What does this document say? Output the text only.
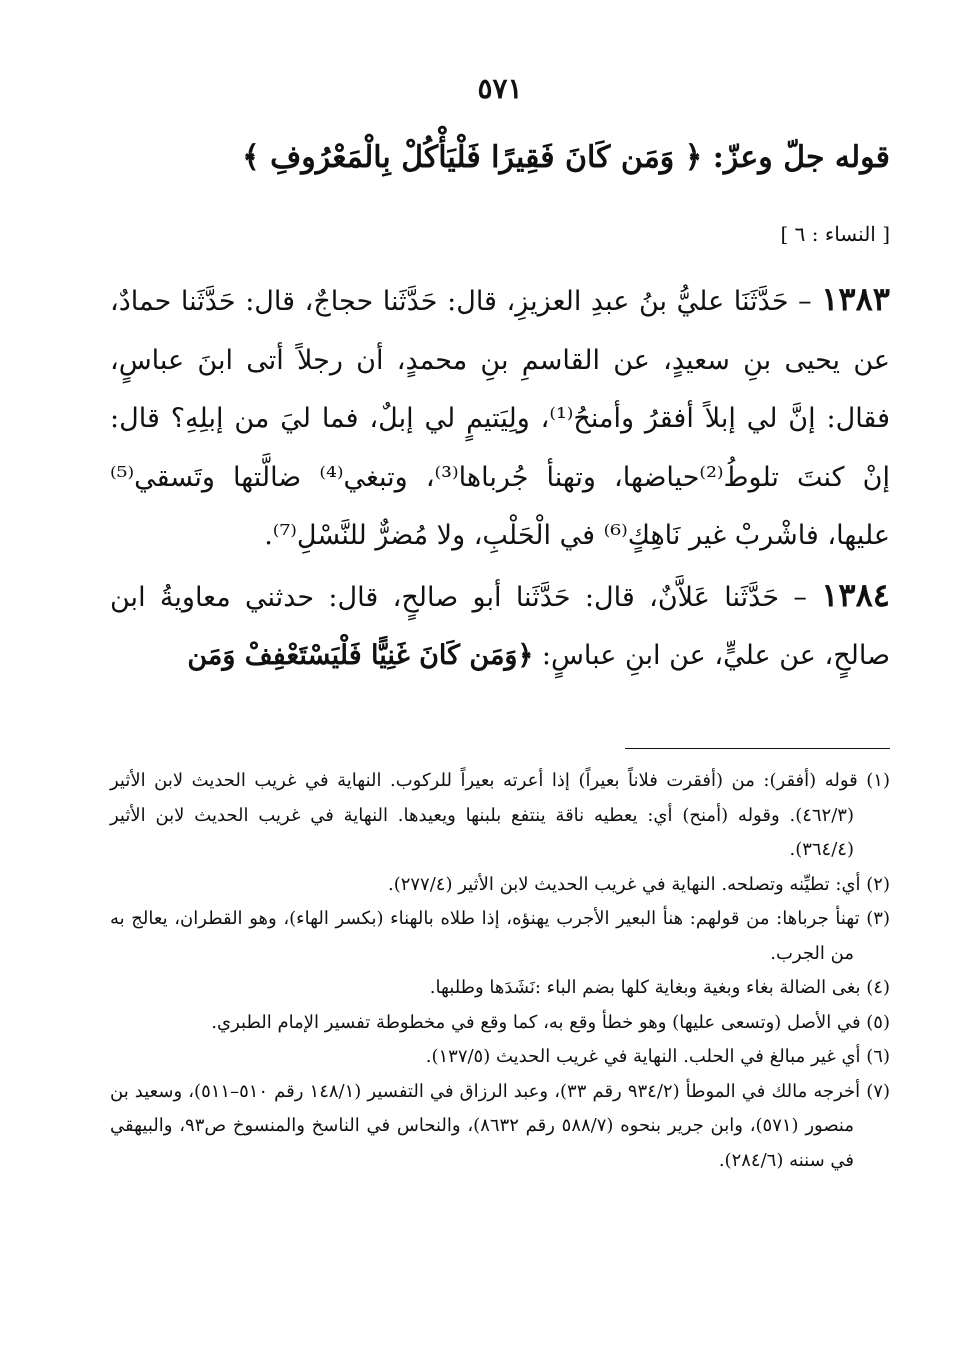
٥٧١
قوله جلّ وعزّ: ﴿ وَمَن كَانَ فَقِيرًا فَلْيَأْكُلْ بِالْمَعْرُوفِ ﴾
[ النساء : ٦ ]

١٣٨٣ – حَدَّثَنَا عليُّ بنُ عبدِ العزيزِ، قال: حَدَّثَنا حجاجٌ، قال: حَدَّثَنا حمادٌ، عن يحيى بنِ سعيدٍ، عن القاسمِ بنِ محمدٍ، أن رجلاً أتى ابنَ عباسٍ، فقال: إنَّ لي إبلاً أفقرُ وأمنحُ⁽¹⁾، ولِيَتيمٍ لي إبلٌ، فما ليَ من إبلِهِ؟ قال: إنْ كنتَ تلوطُ⁽²⁾حياضها، وتهنأ جُرباها⁽³⁾، وتبغي⁽⁴⁾ ضالَّتها وتَسقي⁽⁵⁾ عليها، فاشْربْ غير نَاهِكٍ⁽⁶⁾ في الْحَلْبِ، ولا مُضرٌّ للنَّسْلِ⁽⁷⁾.

١٣٨٤ – حَدَّثَنا عَلاَّنٌ، قال: حَدَّثَنا أبو صالحٍ، قال: حدثني معاويةُ ابن صالحٍ، عن عليٍّ، عن ابنِ عباسٍ: ﴿وَمَن كَانَ غَنِيًّا فَلْيَسْتَعْفِفْ وَمَن

(١) قوله (أفقر): من (أفقرت فلاناً بعيراً) إذا أعرته بعيراً للركوب. النهاية في غريب الحديث لابن الأثير (٤٦٢/٣). وقوله (أمنح) أي: يعطيه ناقة ينتفع بلبنها ويعيدها. النهاية في غريب الحديث لابن الأثير (٣٦٤/٤).

(٢) أي: تطيِّنه وتصلحه. النهاية في غريب الحديث لابن الأثير (٢٧٧/٤).

(٣) تهنأ جرباها: من قولهم: هنأ البعير الأجرب يهنؤه، إذا طلاه بالهناء (بكسر الهاء)، وهو القطران، يعالج به من الجرب.

(٤) بغى الضالة بغاء وبغية وبغاية كلها بضم الباء :نَشَدَها وطلبها.

(٥) في الأصل (وتسعى عليها) وهو خطأ وقع به، كما وقع في مخطوطة تفسير الإمام الطبري.

(٦) أي غير مبالغ في الحلب. النهاية في غريب الحديث (١٣٧/٥).

(٧) أخرجه مالك في الموطأ (٩٣٤/٢ رقم ٣٣)، وعبد الرزاق في التفسير (١٤٨/١ رقم ٥١٠–٥١١)، وسعيد بن منصور (٥٧١)، وابن جرير بنحوه (٥٨٨/٧ رقم ٨٦٣٢)، والنحاس في الناسخ والمنسوخ ص٩٣، والبيهقي في سننه (٢٨٤/٦).
